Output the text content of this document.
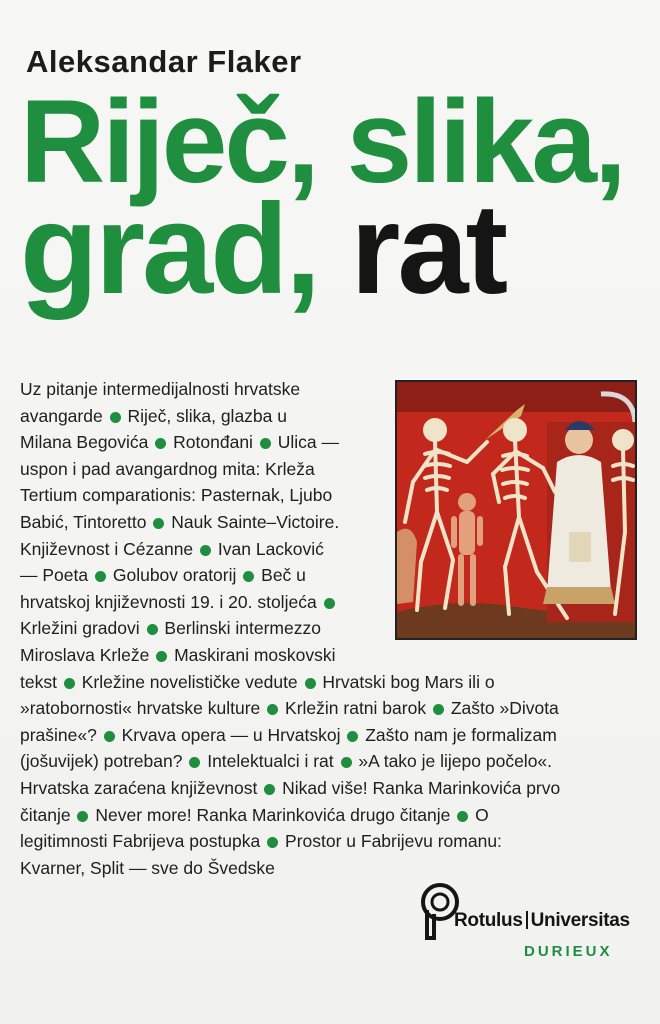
Aleksandar Flaker
Riječ, slika,
grad, rat
Uz pitanje intermedijalnosti hrvatske
avangarde Riječ, slika, glazba u
Milana Begovića Rotonđani Ulica —
uspon i pad avangardnog mita: Krleža
Tertium comparationis: Pasternak, Ljubo
Babić, Tintoretto Nauk Sainte–Victoire.
Književnost i Cézanne Ivan Lacković
— Poeta Golubov oratorij Beč u
hrvatskoj književnosti 19. i 20. stoljeća
Krležini gradovi Berlinski intermezzo
Miroslava Krleže Maskirani moskovski
tekst Krležine novelističke vedute Hrvatski bog Mars ili o
»ratobornosti« hrvatske kulture Krležin ratni barok Zašto »Divota
prašine«? Krvava opera — u Hrvatskoj Zašto nam je formalizam
(jošuvijek) potreban? Intelektualci i rat »A tako je lijepo počelo«.
Hrvatska zaraćena književnost Nikad više! Ranka Marinkovića prvo
čitanje Never more! Ranka Marinkovića drugo čitanje O
legitimnosti Fabrijeva postupka Prostor u Fabrijevu romanu:
Kvarner, Split — sve do Švedske
Rotulus Universitas
DURIEUX
